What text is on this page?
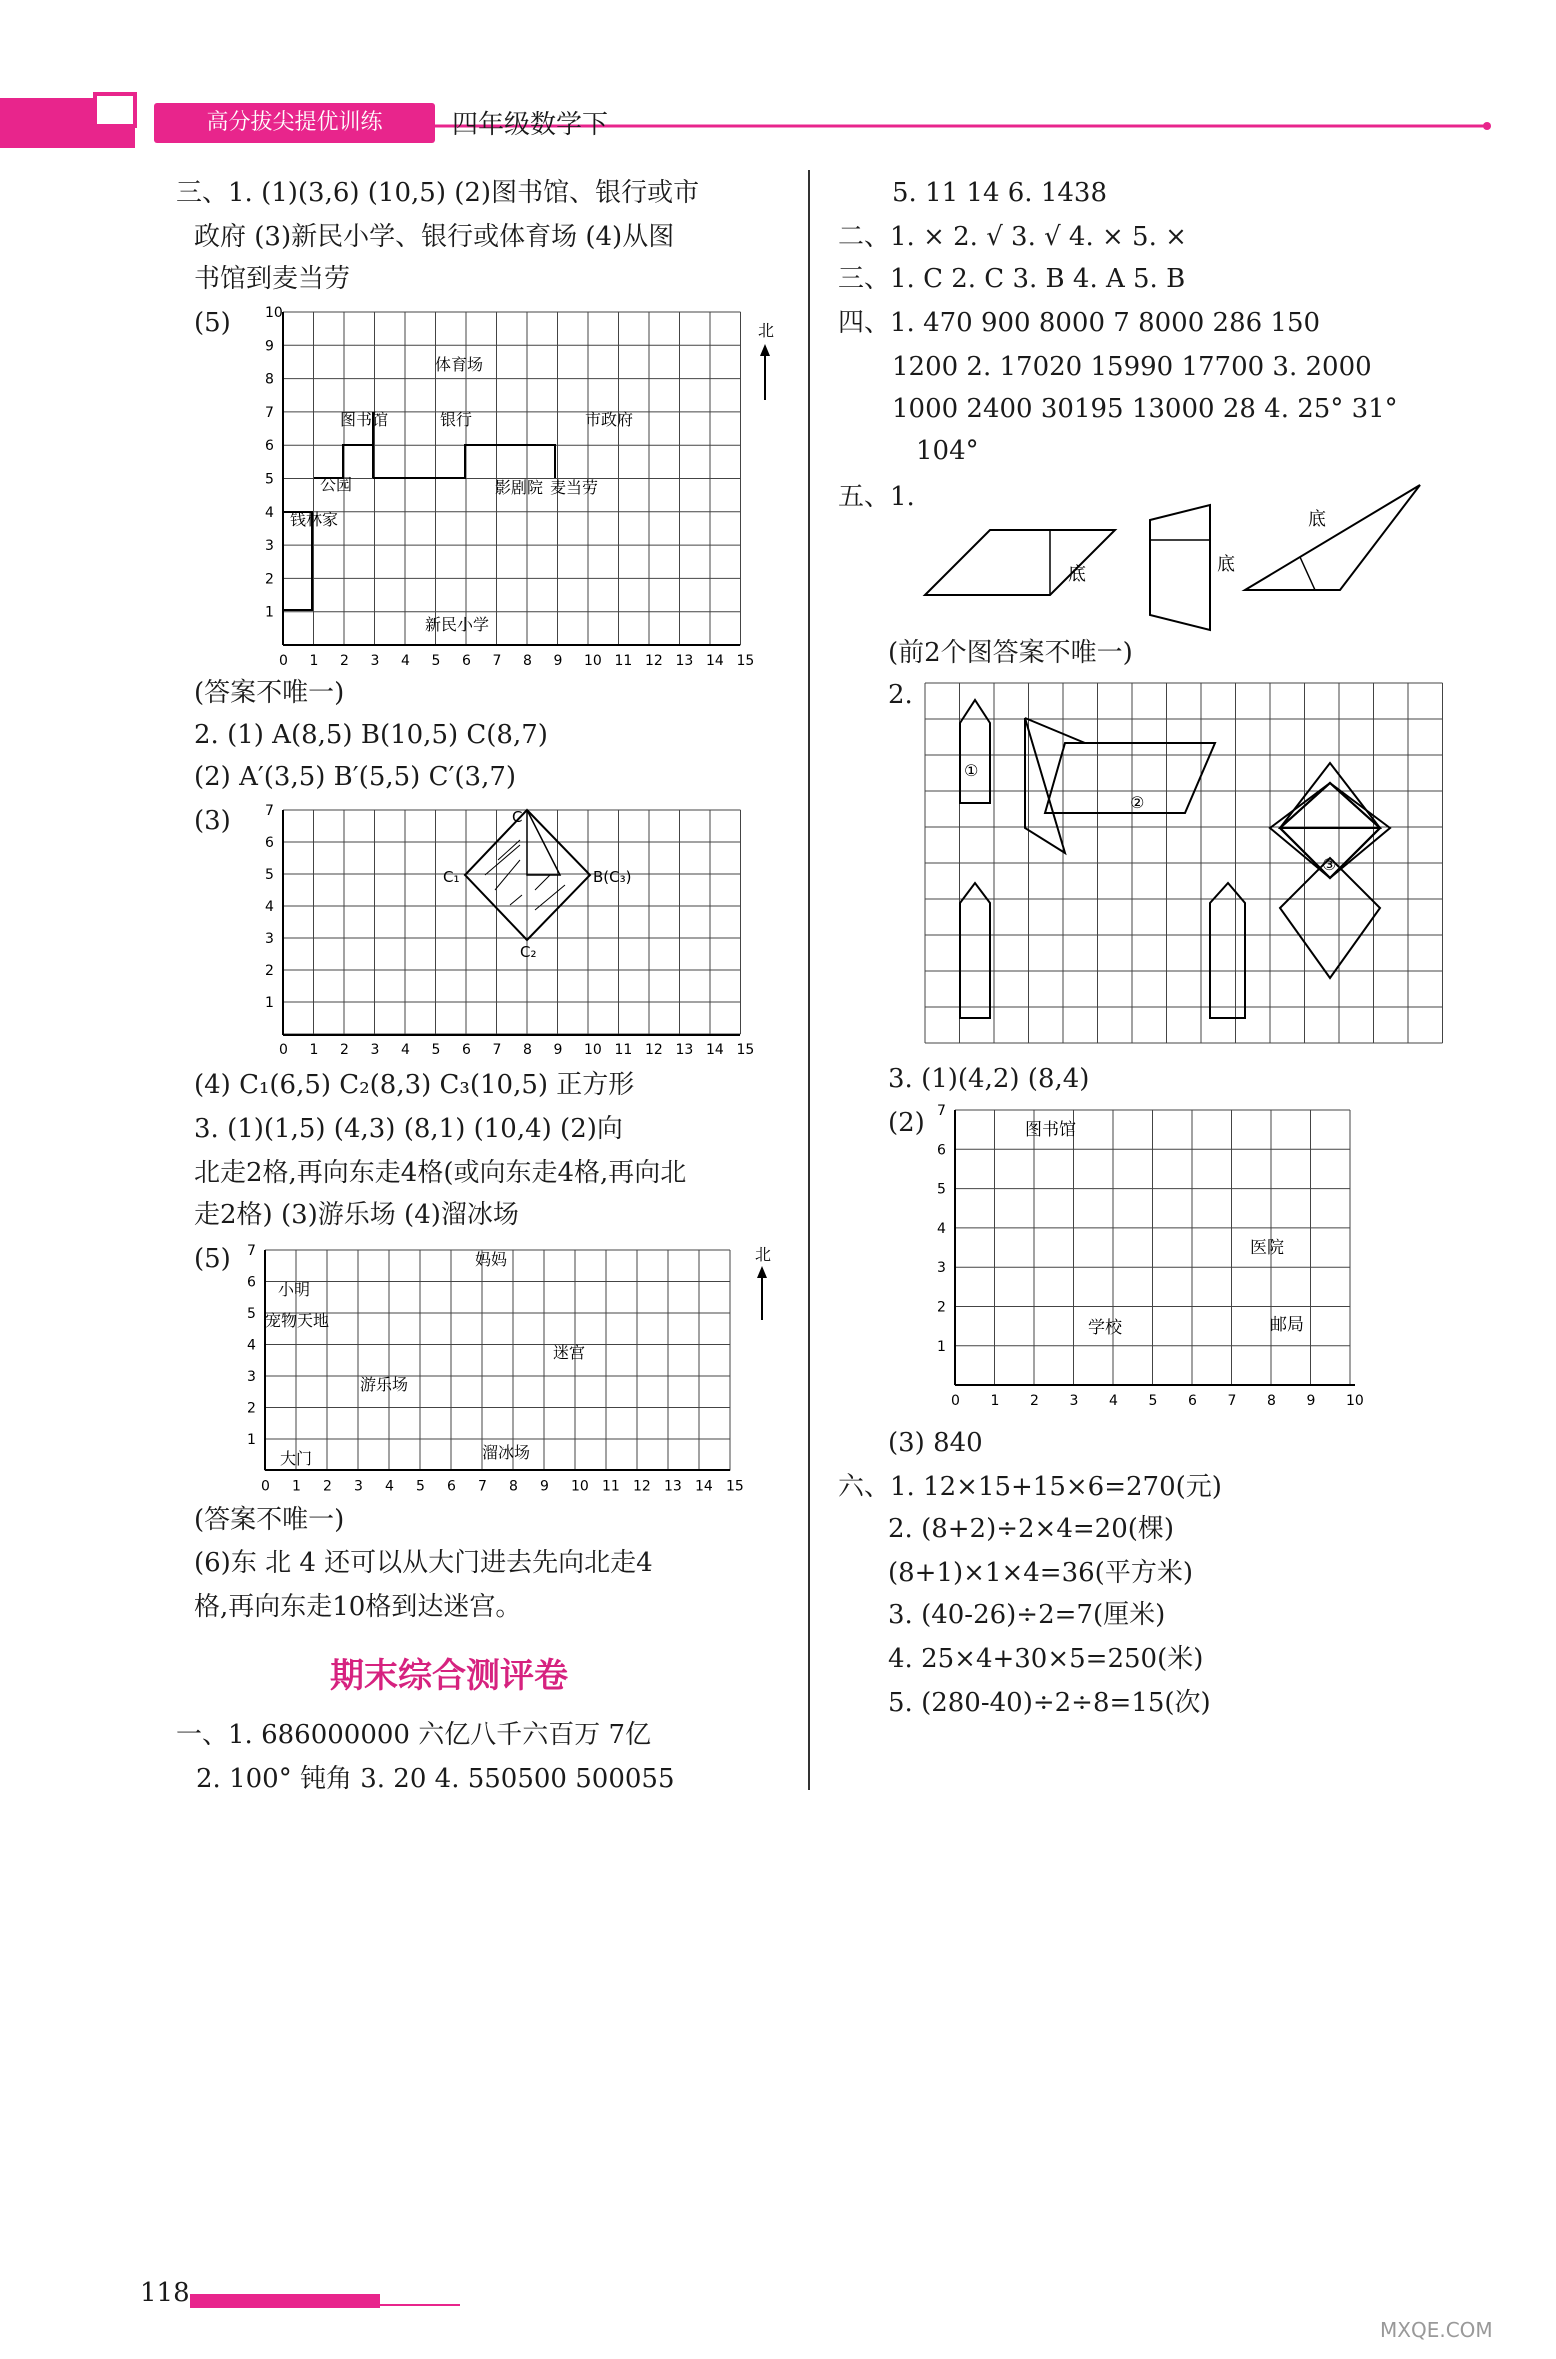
高分拔尖提优训练	四年级数学下
三、1. (1)(3,6) (10,5) (2)图书馆、银行或市
政府 (3)新民小学、银行或体育场 (4)从图
书馆到麦当劳
(5)
0 1 2 3 4 5 6 7 8 9 10 11 12 13 14 15
1
2
3
4
5
6
7
8
9
10
体育场
图书馆	银行	市政府
公园	影剧院 麦当劳
钱林家
新民小学
北
(答案不唯一)
2. (1) A(8,5) B(10,5) C(8,7)
(2) A′(3,5) B′(5,5) C′(3,7)
(3)
0 1 2 3 4 5 6 7 8 9 10 11 12 13 14 15
1
2
3
4
5
6
7	C
C₁	B(C₃)
C₂
(4) C₁(6,5) C₂(8,3) C₃(10,5) 正方形
3. (1)(1,5) (4,3) (8,1) (10,4) (2)向
北走2格,再向东走4格(或向东走4格,再向北
走2格) (3)游乐场 (4)溜冰场
(5)
0 1 2 3 4 5 6 7 8 9 10 11 12 13 14 15
1
2
3
4
5
6
7	妈妈
小明
宠物天地
迷宫
游乐场
大门	溜冰场
北
(答案不唯一)
(6)东 北 4 还可以从大门进去先向北走4
格,再向东走10格到达迷宫。
期末综合测评卷
一、1. 686000000 六亿八千六百万 7亿
2. 100° 钝角 3. 20 4. 550500 500055
5. 11 14 6. 1438
二、1. × 2. √ 3. √ 4. × 5. ×
三、1. C 2. C 3. B 4. A 5. B
四、1. 470 900 8000 7 8000 286 150
1200 2. 17020 15990 17700 3. 2000
1000 2400 30195 13000 28 4. 25° 31°
104°
五、1.
底	底
底
(前2个图答案不唯一)
2.
①
②
③
3. (1)(4,2) (8,4)
(2)
0 1 2 3 4 5 6 7 8 9 10
1
2
3
4
5
6
7
图书馆
医院
学校	邮局
(3) 840
六、1. 12×15+15×6=270(元)
2. (8+2)÷2×4=20(棵)
(8+1)×1×4=36(平方米)
3. (40-26)÷2=7(厘米)
4. 25×4+30×5=250(米)
5. (280-40)÷2÷8=15(次)
118
MXQE.COM
